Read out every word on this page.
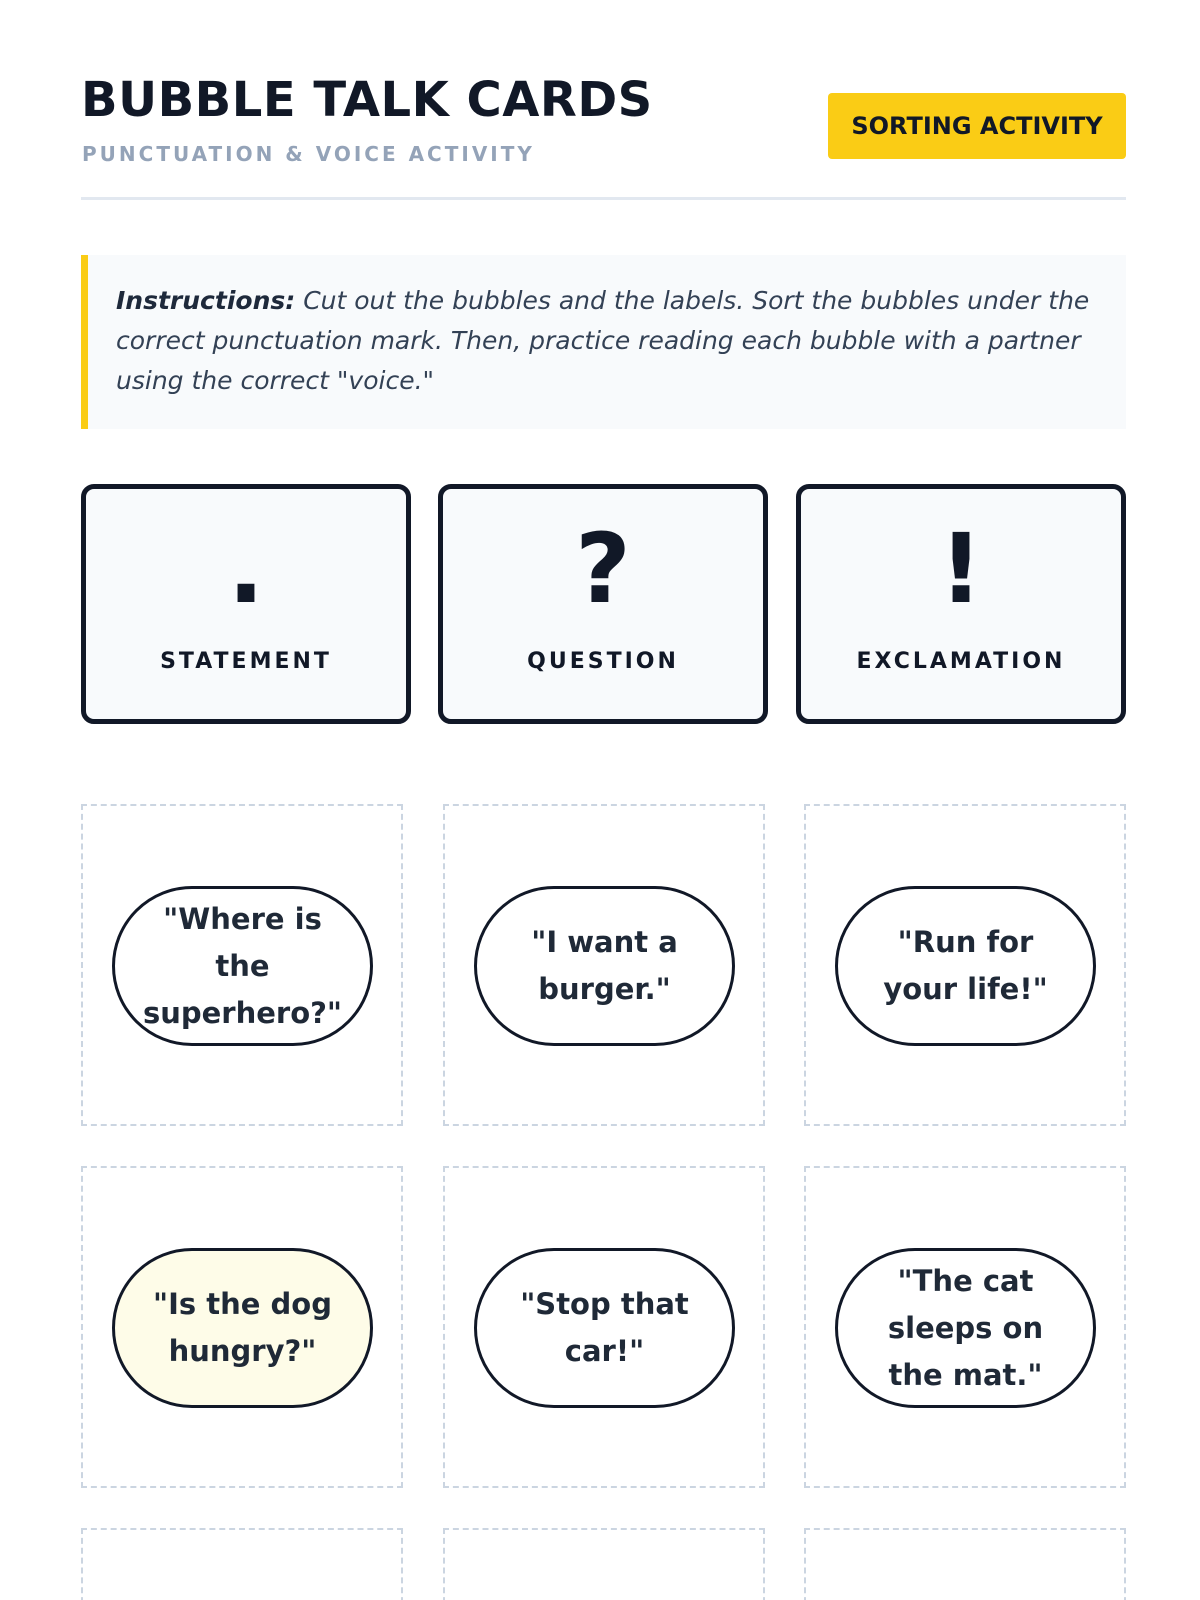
BUBBLE TALK CARDS
PUNCTUATION & VOICE ACTIVITY
SORTING ACTIVITY
Instructions: Cut out the bubbles and the labels. Sort the bubbles under the correct punctuation mark. Then, practice reading each bubble with a partner using the correct "voice."
.
STATEMENT
?
QUESTION
!
EXCLAMATION
"Where is the superhero?"
"I want a burger."
"Run for your life!"
"Is the dog hungry?"
"Stop that car!"
"The cat sleeps on the mat."
